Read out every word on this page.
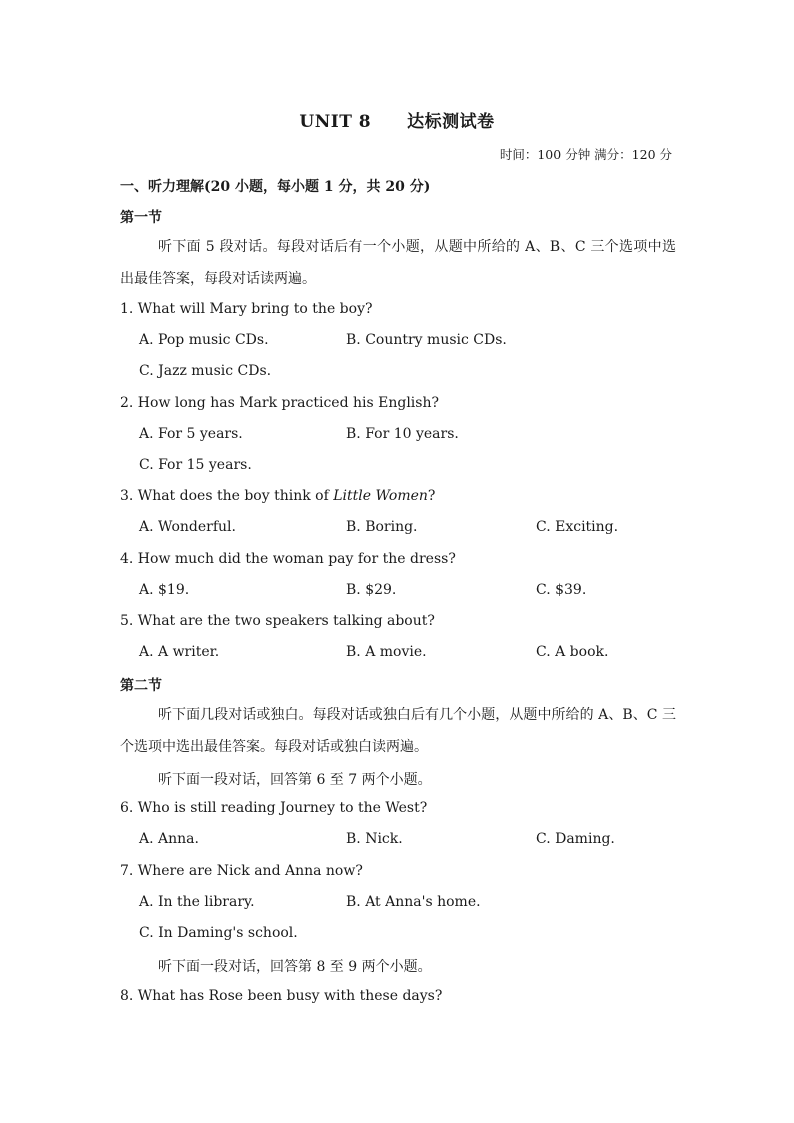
UNIT 8 达标测试卷
时间：100 分钟 满分：120 分
一、听力理解(20 小题，每小题 1 分，共 20 分)
第一节
听下面 5 段对话。每段对话后有一个小题，从题中所给的 A、B、C 三个选项中选出最佳答案，每段对话读两遍。
1. What will Mary bring to the boy?
A. Pop music CDs.	B. Country music CDs.
C. Jazz music CDs.
2. How long has Mark practiced his English?
A. For 5 years.	B. For 10 years.
C. For 15 years.
3. What does the boy think of Little Women?
A. Wonderful.	B. Boring.	C. Exciting.
4. How much did the woman pay for the dress?
A. $19.	B. $29.	C. $39.
5. What are the two speakers talking about?
A. A writer.	B. A movie.	C. A book.
第二节
听下面几段对话或独白。每段对话或独白后有几个小题，从题中所给的 A、B、C 三个选项中选出最佳答案。每段对话或独白读两遍。
听下面一段对话，回答第 6 至 7 两个小题。
6. Who is still reading Journey to the West?
A. Anna.	B. Nick.	C. Daming.
7. Where are Nick and Anna now?
A. In the library.	B. At Anna's home.
C. In Daming's school.
听下面一段对话，回答第 8 至 9 两个小题。
8. What has Rose been busy with these days?
